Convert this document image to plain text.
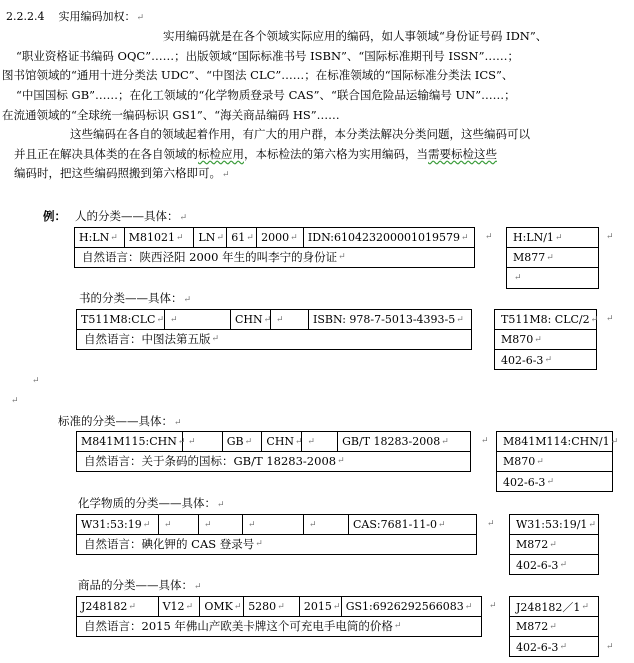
2.2.2.4 实用编码加权：↵

实用编码就是在各个领域实际应用的编码，如人事领域“身份证号码 IDN”、

“职业资格证书编码 OQC”……；出版领域“国际标准书号 ISBN”、“国际标准期刊号 ISSN”……；

图书馆领域的“通用十进分类法 UDC”、“中图法 CLC”……；在标准领域的“国际标准分类法 ICS”、

“中国国标 GB”……；在化工领域的“化学物质登录号 CAS”、“联合国危险品运输编号 UN”……；

在流通领域的“全球统一编码标识 GS1”、“海关商品编码 HS”……

这些编码在各自的领域起着作用，有广大的用户群，本分类法解决分类问题，这些编码可以

并且正在解决具体类的在各自领域的标检应用，本标检法的第六格为实用编码，当需要标检这些

编码时，把这些编码照搬到第六格即可。↵

例： 人的分类——具体：↵
H:LN ↵ M81021 ↵	LN ↵ 61 ↵ 2000 ↵ IDN:610423200001019579 ↵
自然语言：陕西泾阳 2000 年生的叫李宁的身份证 ↵
H:LN/1 ↵
M877 ↵
↵
↵	↵
书的分类——具体：↵
T511M8:CLC ↵ ↵	CHN ↵ ↵	ISBN: 978-7-5013-4393-5 ↵
自然语言：中图法第五版 ↵
T511M8: CLC/2 ↵
M870 ↵
402-6-3 ↵
↵
↵
↵
标准的分类——具体：↵
M841M115:CHN ↵ ↵	GB ↵	CHN ↵ ↵	GB/T 18283-2008 ↵
自然语言：关于条码的国标：GB/T 18283-2008 ↵
M841M114:CHN/1 ↵
M870 ↵
402-6-3 ↵
↵
化学物质的分类——具体：↵
W31:53:19 ↵ ↵	↵	↵	↵	CAS:7681-11-0 ↵
自然语言：碘化钾的 CAS 登录号 ↵
W31:53:19/1 ↵
M872 ↵
402-6-3 ↵
↵
商品的分类——具体：↵
J248182 ↵	V12 ↵	OMK ↵ 5280 ↵	2015 ↵ GS1:6926292566083 ↵
自然语言：2015 年佛山产欧美卡牌这个可充电手电筒的价格 ↵
J248182／1 ↵
M872 ↵
402-6-3 ↵
↵
↵
